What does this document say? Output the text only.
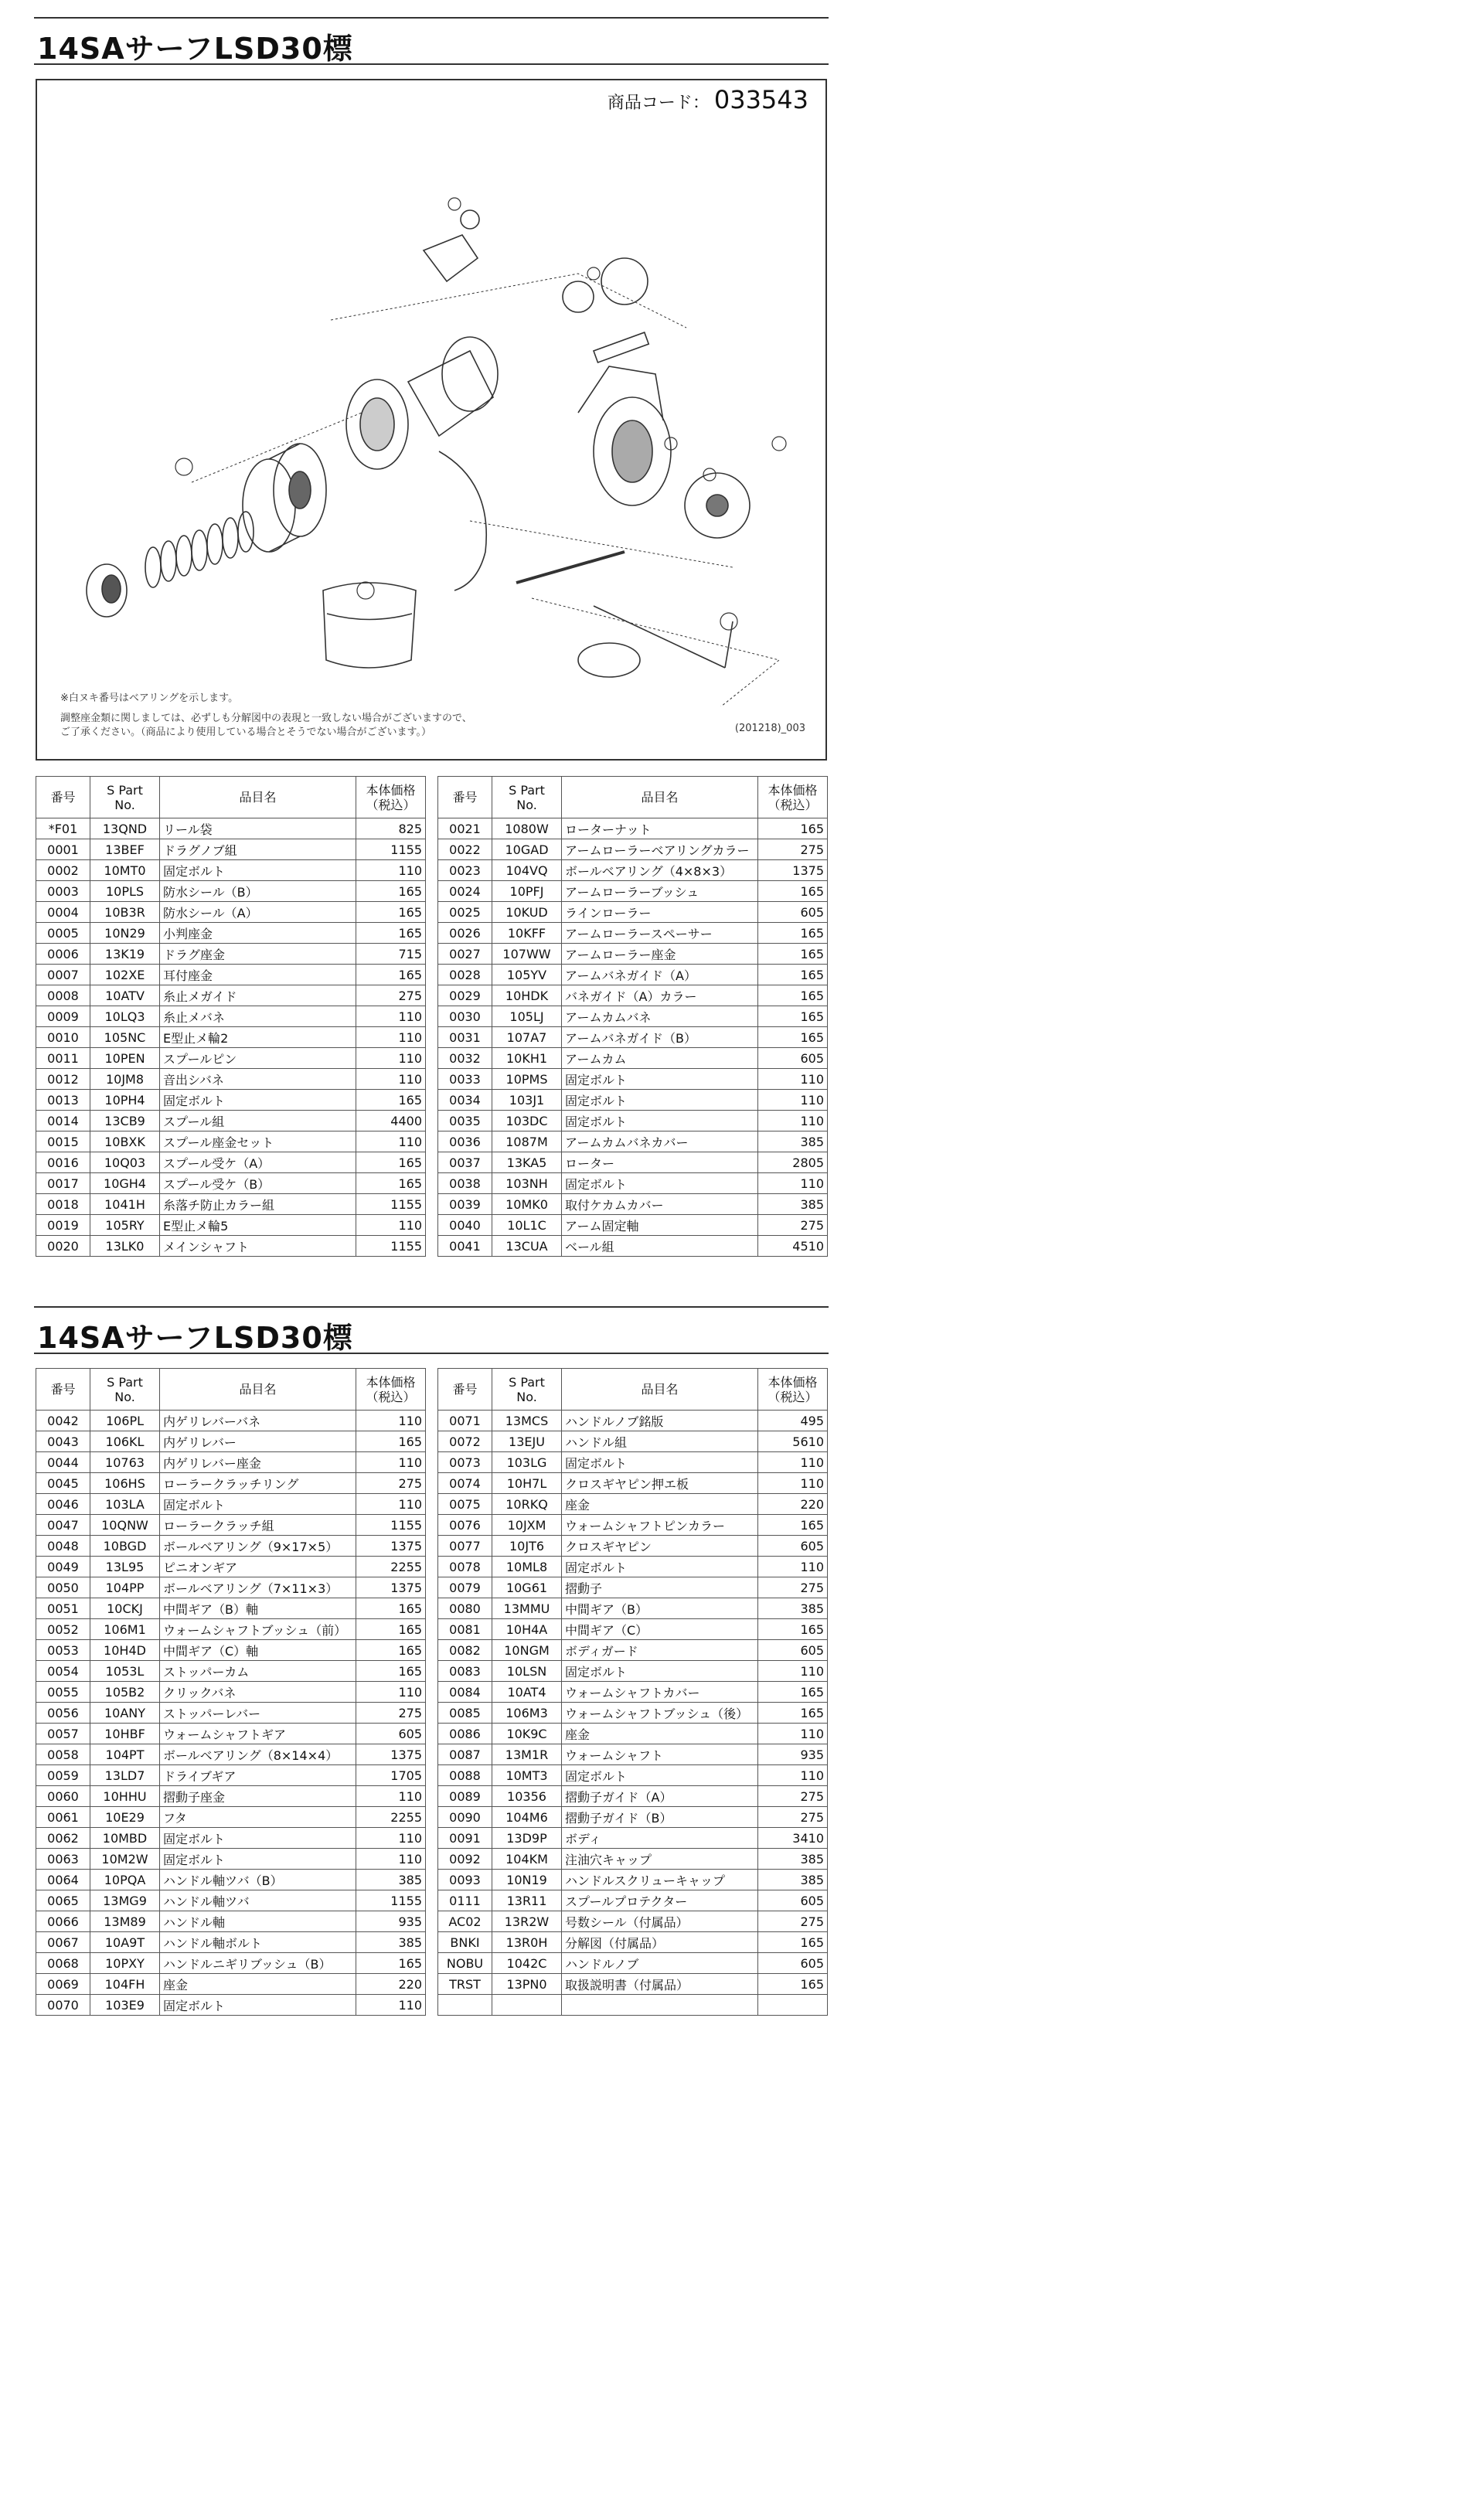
14SAサーフLSD30標
商品コード： 033543
※白ヌキ番号はベアリングを示します。
調整座金類に関しましては、必ずしも分解図中の表現と一致しない場合がございますので、
ご了承ください。（商品により使用している場合とそうでない場合がございます。）	(201218)_003
番号	S Part
No.	品目名	本体価格
（税込）

*F01	13QND	リール袋	825
0001	13BEF	ドラグノブ組	1155
0002	10MT0	固定ボルト	110
0003	10PLS	防水シール（B）	165
0004	10B3R	防水シール（A）	165
0005	10N29	小判座金	165
0006	13K19	ドラグ座金	715
0007	102XE	耳付座金	165
0008	10ATV	糸止メガイド	275
0009	10LQ3	糸止メバネ	110
0010	105NC	E型止メ輪2	110
0011	10PEN	スプールピン	110
0012	10JM8	音出シバネ	110
0013	10PH4	固定ボルト	165
0014	13CB9	スプール組	4400
0015	10BXK	スプール座金セット	110
0016	10Q03	スプール受ケ（A）	165
0017	10GH4	スプール受ケ（B）	165
0018	1041H	糸落チ防止カラー組	1155
0019	105RY	E型止メ輪5	110
0020	13LK0	メインシャフト	1155
番号	S Part
No.	品目名	本体価格
（税込）

0021	1080W	ローターナット	165
0022	10GAD	アームローラーベアリングカラー	275
0023	104VQ	ボールベアリング（4×8×3）	1375
0024	10PFJ	アームローラーブッシュ	165
0025	10KUD	ラインローラー	605
0026	10KFF	アームローラースペーサー	165
0027	107WW	アームローラー座金	165
0028	105YV	アームバネガイド（A）	165
0029	10HDK	バネガイド（A）カラー	165
0030	105LJ	アームカムバネ	165
0031	107A7	アームバネガイド（B）	165
0032	10KH1	アームカム	605
0033	10PMS	固定ボルト	110
0034	103J1	固定ボルト	110
0035	103DC	固定ボルト	110
0036	1087M	アームカムバネカバー	385
0037	13KA5	ローター	2805
0038	103NH	固定ボルト	110
0039	10MK0	取付ケカムカバー	385
0040	10L1C	アーム固定軸	275
0041	13CUA	ベール組	4510
14SAサーフLSD30標
番号	S Part
No.	品目名	本体価格
（税込）

0042	106PL	内ゲリレバーバネ	110
0043	106KL	内ゲリレバー	165
0044	10763	内ゲリレバー座金	110
0045	106HS	ローラークラッチリング	275
0046	103LA	固定ボルト	110
0047	10QNW	ローラークラッチ組	1155
0048	10BGD	ボールベアリング（9×17×5）	1375
0049	13L95	ピニオンギア	2255
0050	104PP	ボールベアリング（7×11×3）	1375
0051	10CKJ	中間ギア（B）軸	165
0052	106M1	ウォームシャフトブッシュ（前）	165
0053	10H4D	中間ギア（C）軸	165
0054	1053L	ストッパーカム	165
0055	105B2	クリックバネ	110
0056	10ANY	ストッパーレバー	275
0057	10HBF	ウォームシャフトギア	605
0058	104PT	ボールベアリング（8×14×4）	1375
0059	13LD7	ドライブギア	1705
0060	10HHU	摺動子座金	110
0061	10E29	フタ	2255
0062	10MBD	固定ボルト	110
0063	10M2W	固定ボルト	110
0064	10PQA	ハンドル軸ツバ（B）	385
0065	13MG9	ハンドル軸ツバ	1155
0066	13M89	ハンドル軸	935
0067	10A9T	ハンドル軸ボルト	385
0068	10PXY	ハンドルニギリブッシュ（B）	165
0069	104FH	座金	220
0070	103E9	固定ボルト	110
番号	S Part
No.	品目名	本体価格
（税込）

0071	13MCS	ハンドルノブ銘版	495
0072	13EJU	ハンドル組	5610
0073	103LG	固定ボルト	110
0074	10H7L	クロスギヤピン押エ板	110
0075	10RKQ	座金	220
0076	10JXM	ウォームシャフトピンカラー	165
0077	10JT6	クロスギヤピン	605
0078	10ML8	固定ボルト	110
0079	10G61	摺動子	275
0080	13MMU	中間ギア（B）	385
0081	10H4A	中間ギア（C）	165
0082	10NGM	ボディガード	605
0083	10LSN	固定ボルト	110
0084	10AT4	ウォームシャフトカバー	165
0085	106M3	ウォームシャフトブッシュ（後）	165
0086	10K9C	座金	110
0087	13M1R	ウォームシャフト	935
0088	10MT3	固定ボルト	110
0089	10356	摺動子ガイド（A）	275
0090	104M6	摺動子ガイド（B）	275
0091	13D9P	ボディ	3410
0092	104KM	注油穴キャップ	385
0093	10N19	ハンドルスクリューキャップ	385
0111	13R11	スプールプロテクター	605
AC02	13R2W	号数シール（付属品）	275
BNKI	13R0H	分解図（付属品）	165
NOBU	1042C	ハンドルノブ	605
TRST	13PN0	取扱説明書（付属品）	165
